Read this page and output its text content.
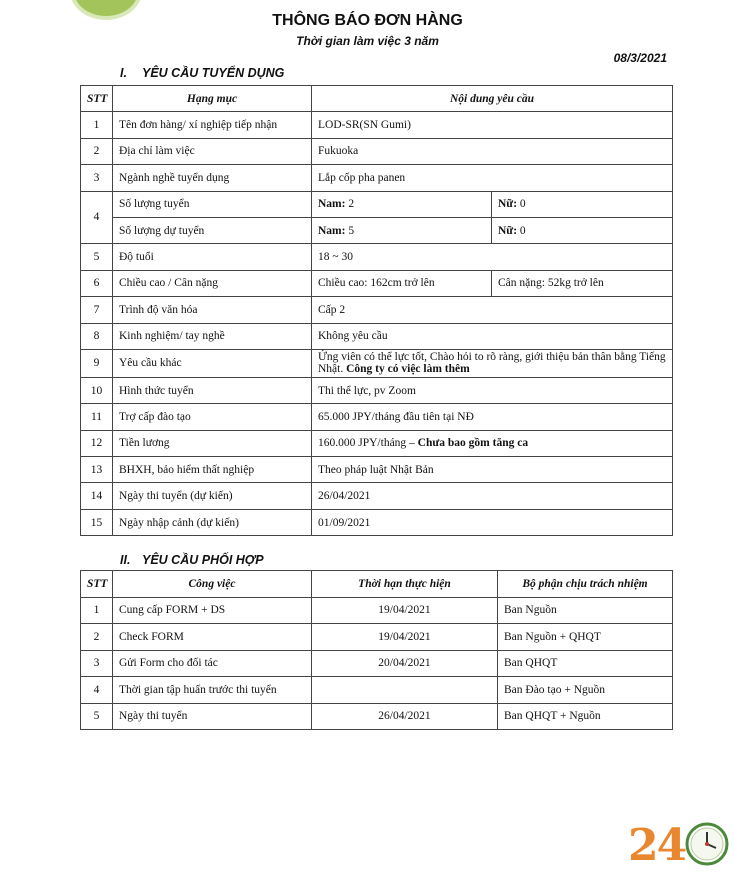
THÔNG BÁO ĐƠN HÀNG
Thời gian làm việc 3 năm
08/3/2021
I. YÊU CẦU TUYỂN DỤNG
STT	Hạng mục	Nội dung yêu cầu	
1	Tên đơn hàng/ xí nghiệp tiếp nhận	LOD-SR(SN Gumi)	
2	Địa chỉ làm việc	Fukuoka	
3	Ngành nghề tuyển dụng	Lắp cốp pha panen	
4	Số lượng tuyển	Nam: 2	Nữ: 0
	Số lượng dự tuyển	Nam: 5	Nữ: 0
5	Độ tuổi	18 ~ 30	
6	Chiều cao / Cân nặng	Chiều cao: 162cm trở lên	Cân nặng: 52kg trở lên
7	Trình độ văn hóa	Cấp 2	
8	Kinh nghiệm/ tay nghề	Không yêu cầu	
9	Yêu cầu khác	Ứng viên có thể lực tốt, Chào hỏi to rõ ràng, giới thiệu bản thân bằng Tiếng Nhật. Công ty có việc làm thêm	
10	Hình thức tuyển	Thi thể lực, pv Zoom	
11	Trợ cấp đào tạo	65.000 JPY/tháng đầu tiên tại NĐ	
12	Tiền lương	160.000 JPY/tháng – Chưa bao gồm tăng ca	
13	BHXH, bảo hiểm thất nghiệp	Theo pháp luật Nhật Bản	
14	Ngày thi tuyển (dự kiến)	26/04/2021	
15	Ngày nhập cảnh (dự kiến)	01/09/2021	
II. YÊU CẦU PHỐI HỢP
STT	Công việc	Thời hạn thực hiện	Bộ phận chịu trách nhiệm
1	Cung cấp FORM + DS	19/04/2021	Ban Nguồn
2	Check FORM	19/04/2021	Ban Nguồn + QHQT
3	Gửi Form cho đối tác	20/04/2021	Ban QHQT
4	Thời gian tập huấn trước thi tuyển		Ban Đào tạo + Nguồn
5	Ngày thi tuyển	26/04/2021	Ban QHQT + Nguồn
24
